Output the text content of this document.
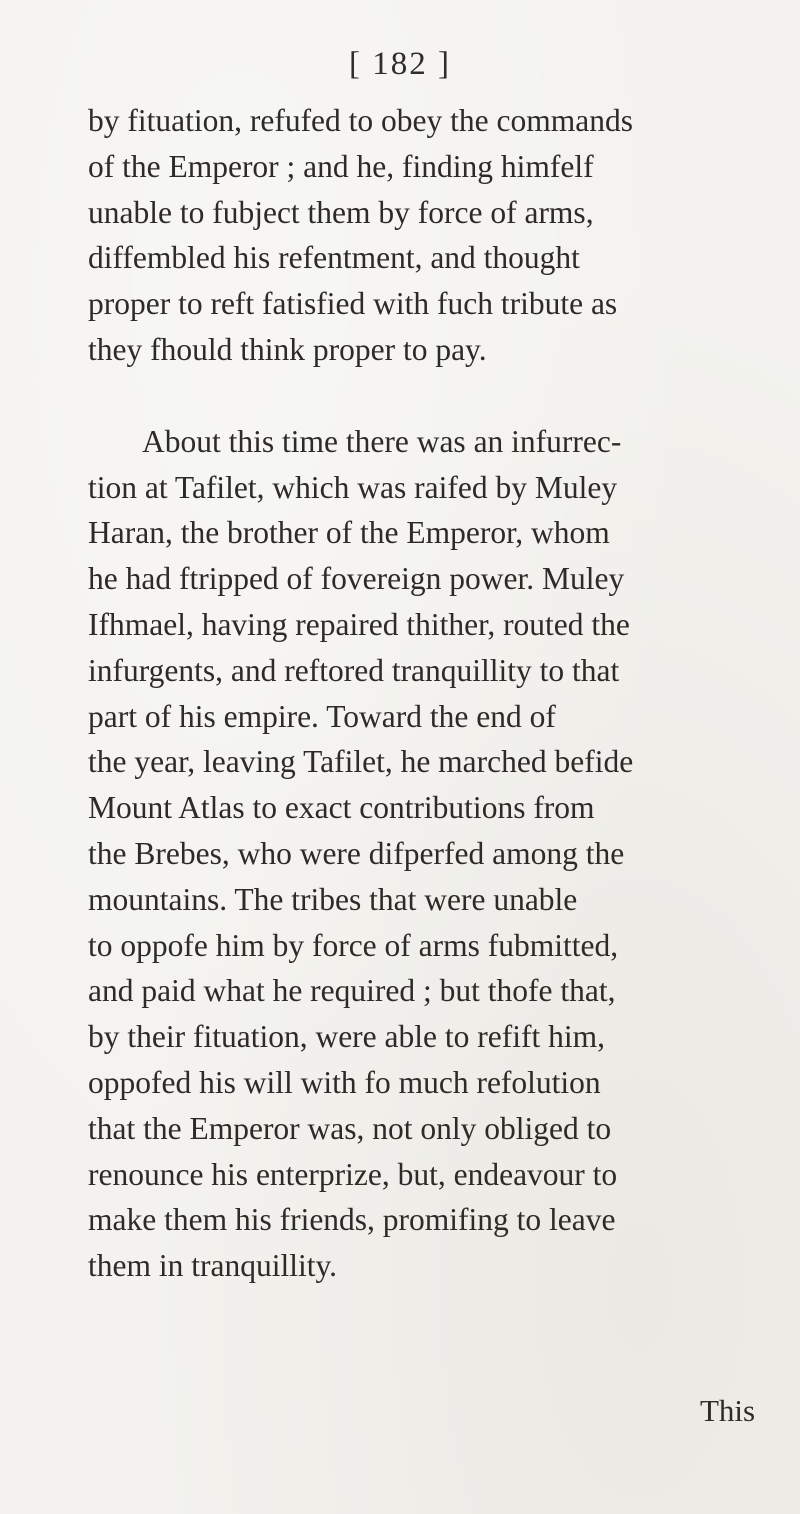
[ 182 ]
by fituation, refufed to obey the commands
of the Emperor ; and he, finding himfelf
unable to fubject them by force of arms,
diffembled his refentment, and thought
proper to reft fatisfied with fuch tribute as
they fhould think proper to pay.
About this time there was an infurrec-
tion at Tafilet, which was raifed by Muley
Haran, the brother of the Emperor, whom
he had ftripped of fovereign power. Muley
Ifhmael, having repaired thither, routed the
infurgents, and reftored tranquillity to that
part of his empire. Toward the end of
the year, leaving Tafilet, he marched befide
Mount Atlas to exact contributions from
the Brebes, who were difperfed among the
mountains. The tribes that were unable
to oppofe him by force of arms fubmitted,
and paid what he required ; but thofe that,
by their fituation, were able to refift him,
oppofed his will with fo much refolution
that the Emperor was, not only obliged to
renounce his enterprize, but, endeavour to
make them his friends, promifing to leave
them in tranquillity.
This
